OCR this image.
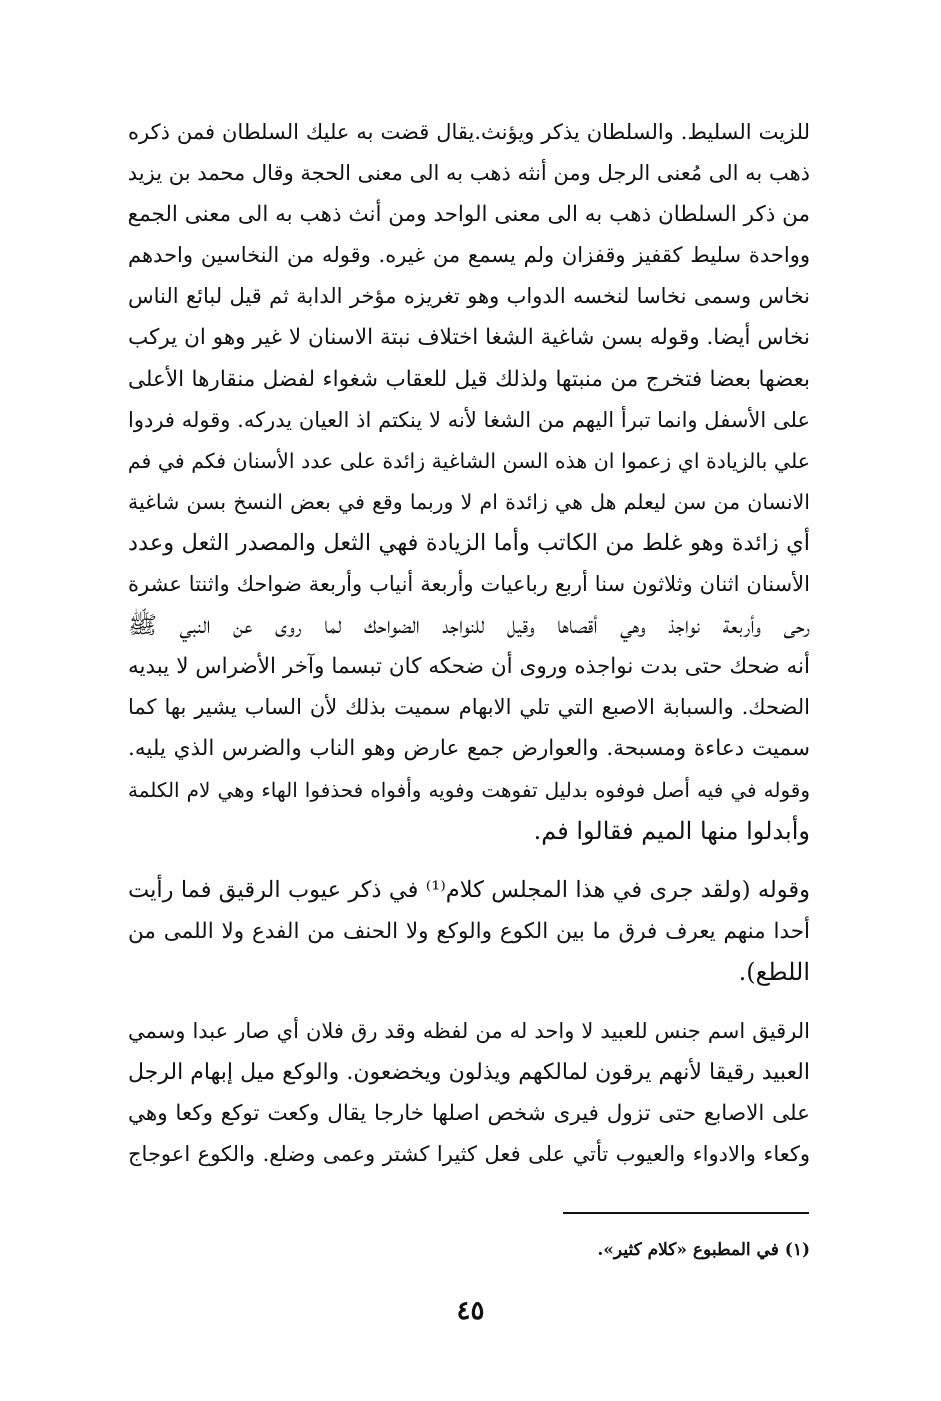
للزيت السليط. والسلطان يذكر ويؤنث.يقال قضت به عليك السلطان فمن ذكره
ذهب به الى مُعنى الرجل ومن أنثه ذهب به الى معنى الحجة وقال محمد بن يزيد
من ذكر السلطان ذهب به الى معنى الواحد ومن أنث ذهب به الى معنى الجمع
وواحدة سليط كقفيز وقفزان ولم يسمع من غيره. وقوله من النخاسين واحدهم
نخاس وسمى نخاسا لنخسه الدواب وهو تغريزه مؤخر الدابة ثم قيل لبائع الناس
نخاس أيضا. وقوله بسن شاغية الشغا اختلاف نبتة الاسنان لا غير وهو ان يركب
بعضها بعضا فتخرج من منبتها ولذلك قيل للعقاب شغواء لفضل منقارها الأعلى
على الأسفل وانما تبرأ اليهم من الشغا لأنه لا ينكتم اذ العيان يدركه. وقوله فردوا
علي بالزيادة اي زعموا ان هذه السن الشاغية زائدة على عدد الأسنان فكم في فم
الانسان من سن ليعلم هل هي زائدة ام لا وربما وقع في بعض النسخ بسن شاغية
أي زائدة وهو غلط من الكاتب وأما الزيادة فهي الثعل والمصدر الثعل وعدد
الأسنان اثنان وثلاثون سنا أربع رباعيات وأربعة أنياب وأربعة ضواحك واثنتا عشرة
رحى وأربعة نواجذ وهي أقصاها وقيل للنواجد الضواحك لما روى عن النبي ﷺ
أنه ضحك حتى بدت نواجذه وروى أن ضحكه كان تبسما وآخر الأضراس لا يبديه
الضحك. والسبابة الاصبع التي تلي الابهام سميت بذلك لأن الساب يشير بها كما
سميت دعاءة ومسبحة. والعوارض جمع عارض وهو الناب والضرس الذي يليه.
وقوله في فيه أصل فوفوه بدليل تفوهت وفويه وأفواه فحذفوا الهاء وهي لام الكلمة
وأبدلوا منها الميم فقالوا فم.

وقوله (ولقد جرى في هذا المجلس كلام⁽¹⁾ في ذكر عيوب الرقيق فما رأيت
أحدا منهم يعرف فرق ما بين الكوع والوكع ولا الحنف من الفدع ولا اللمى من
اللطع).

الرقيق اسم جنس للعبيد لا واحد له من لفظه وقد رق فلان أي صار عبدا وسمي
العبيد رقيقا لأنهم يرقون لمالكهم ويذلون ويخضعون. والوكع ميل إبهام الرجل
على الاصابع حتى تزول فيرى شخص اصلها خارجا يقال وكعت توكع وكعا وهي
وكعاء والادواء والعيوب تأتي على فعل كثيرا كشتر وعمى وضلع. والكوع اعوجاج

(١) في المطبوع «كلام كثير».
٤٥
